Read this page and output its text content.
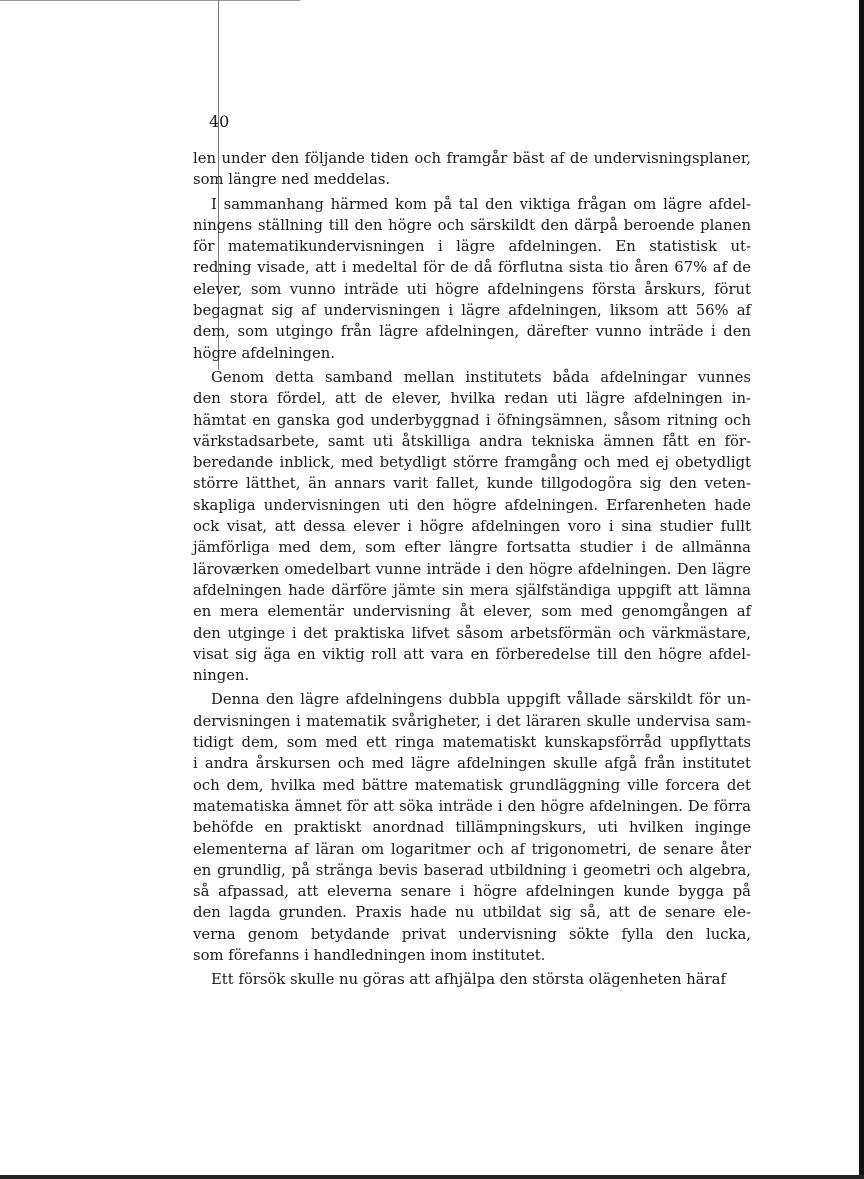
40
len under den följande tiden och framgår bäst af de undervisningsplaner,
som längre ned meddelas.
I sammanhang härmed kom på tal den viktiga frågan om lägre afdel-
ningens ställning till den högre och särskildt den därpå beroende planen
för matematikundervisningen i lägre afdelningen. En statistisk ut-
redning visade, att i medeltal för de då förflutna sista tio åren 67% af de
elever, som vunno inträde uti högre afdelningens första årskurs, förut
begagnat sig af undervisningen i lägre afdelningen, liksom att 56% af
dem, som utgingo från lägre afdelningen, därefter vunno inträde i den
högre afdelningen.
Genom detta samband mellan institutets båda afdelningar vunnes
den stora fördel, att de elever, hvilka redan uti lägre afdelningen in-
hämtat en ganska god underbyggnad i öfningsämnen, såsom ritning och
värkstadsarbete, samt uti åtskilliga andra tekniska ämnen fått en för-
beredande inblick, med betydligt större framgång och med ej obetydligt
större lätthet, än annars varit fallet, kunde tillgodogöra sig den veten-
skapliga undervisningen uti den högre afdelningen. Erfarenheten hade
ock visat, att dessa elever i högre afdelningen voro i sina studier fullt
jämförliga med dem, som efter längre fortsatta studier i de allmänna
läroværken omedelbart vunne inträde i den högre afdelningen. Den lägre
afdelningen hade därföre jämte sin mera själfständiga uppgift att lämna
en mera elementär undervisning åt elever, som med genomgången af
den utginge i det praktiska lifvet såsom arbetsförmän och värkmästare,
visat sig äga en viktig roll att vara en förberedelse till den högre afdel-
ningen.
Denna den lägre afdelningens dubbla uppgift vållade särskildt för un-
dervisningen i matematik svårigheter, i det läraren skulle undervisa sam-
tidigt dem, som med ett ringa matematiskt kunskapsförråd uppflyttats
i andra årskursen och med lägre afdelningen skulle afgå från institutet
och dem, hvilka med bättre matematisk grundläggning ville forcera det
matematiska ämnet för att söka inträde i den högre afdelningen. De förra
behöfde en praktiskt anordnad tillämpningskurs, uti hvilken inginge
elementerna af läran om logaritmer och af trigonometri, de senare åter
en grundlig, på stränga bevis baserad utbildning i geometri och algebra,
så afpassad, att eleverna senare i högre afdelningen kunde bygga på
den lagda grunden. Praxis hade nu utbildat sig så, att de senare ele-
verna genom betydande privat undervisning sökte fylla den lucka,
som förefanns i handledningen inom institutet.
Ett försök skulle nu göras att afhjälpa den största olägenheten häraf
